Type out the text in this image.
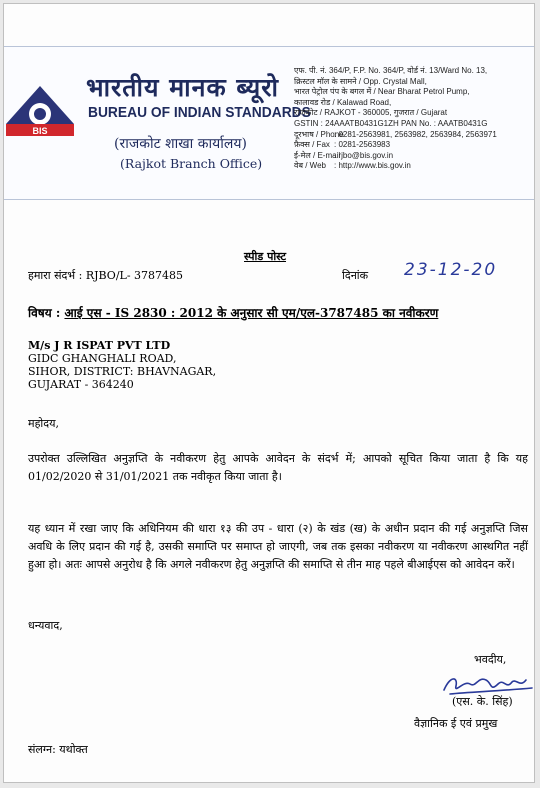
BIS
भारतीय मानक ब्यूरो
BUREAU OF INDIAN STANDARDS
(राजकोट शाखा कार्यालय)
(Rajkot Branch Office)
एफ. पी. नं. 364/P, F.P. No. 364/P, वोर्ड नं. 13/Ward No. 13,
क्रिस्टल मॉल के सामने / Opp. Crystal Mall,
भारत पेट्रोल पंप के बगल में / Near Bharat Petrol Pump,
कालावड रोड / Kalawad Road,
राजकोट / RAJKOT - 360005, गुजरात / Gujarat
GSTIN : 24AAATB0431G1ZH PAN No. : AAATB0431G
दूरभाष / Phone: 0281-2563981, 2563982, 2563984, 2563971
फ़ैक्स / Fax : 0281-2563983
ई-मेल / E-mail: rjbo@bis.gov.in
वेब / Web : http://www.bis.gov.in
स्पीड पोस्ट
हमारा संदर्भ : RJBO/L- 3787485	दिनांक 23-12-20
विषय : आई एस - IS 2830 : 2012 के अनुसार सी एम/एल-3787485 का नवीकरण
M/s J R ISPAT PVT LTD
GIDC GHANGHALI ROAD,
SIHOR, DISTRICT: BHAVNAGAR,
GUJARAT - 364240
महोदय,
उपरोक्त उल्लिखित अनुज्ञप्ति के नवीकरण हेतु आपके आवेदन के संदर्भ में; आपको सूचित किया जाता है कि यह 01/02/2020 से 31/01/2021 तक नवीकृत किया जाता है।
यह ध्यान में रखा जाए कि अधिनियम की धारा १३ की उप - धारा (२) के खंड (ख) के अधीन प्रदान की गई अनुज्ञप्ति जिस अवधि के लिए प्रदान की गई है, उसकी समाप्ति पर समाप्त हो जाएगी, जब तक इसका नवीकरण या नवीकरण आस्थगित नहीं हुआ हो। अतः आपसे अनुरोध है कि अगले नवीकरण हेतु अनुज्ञप्ति की समाप्ति से तीन माह पहले बीआईएस को आवेदन करें।
धन्यवाद,
भवदीय,
(एस. के. सिंह)
वैज्ञानिक ई एवं प्रमुख
संलग्न: यथोक्त
